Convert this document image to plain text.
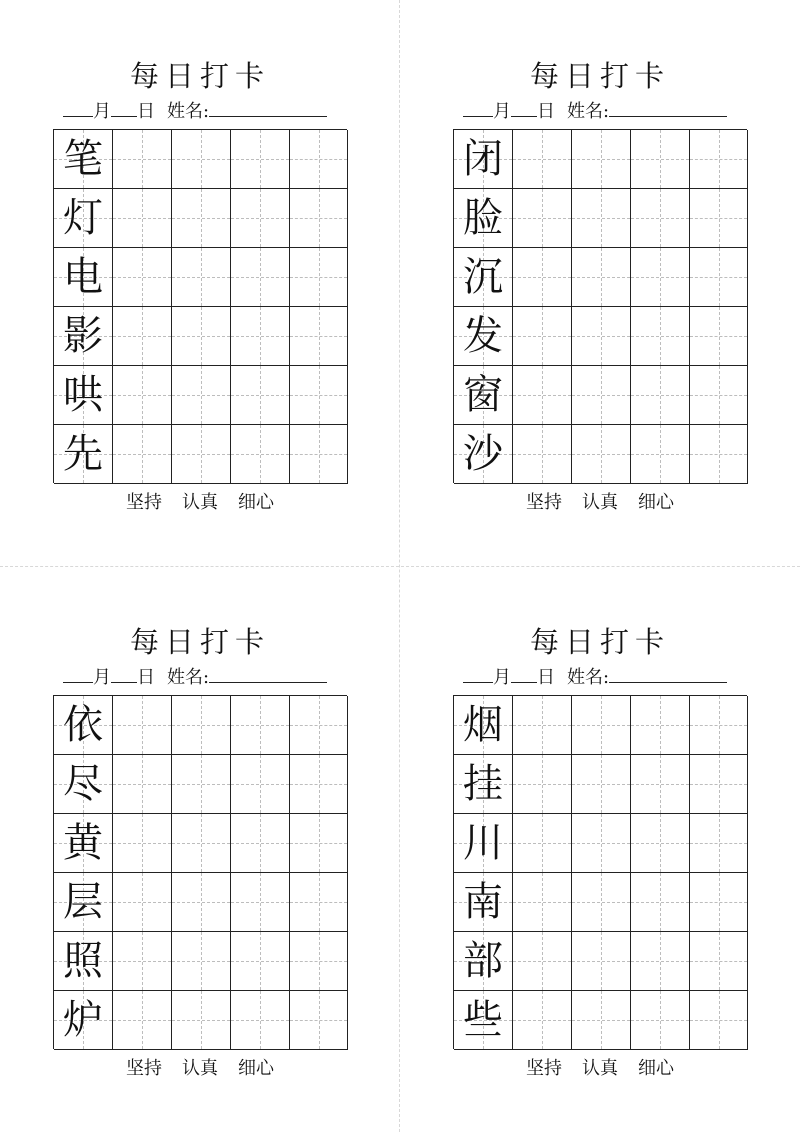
每日打卡
月 日 姓名:
笔
灯
电
影
哄
先
坚持 认真 细心
每日打卡
月 日 姓名:
闭
脸
沉
发
窗
沙
坚持 认真 细心
每日打卡
月 日 姓名:
依
尽
黄
层
照
炉
坚持 认真 细心
每日打卡
月 日 姓名:
烟
挂
川
南
部
些
坚持 认真 细心
